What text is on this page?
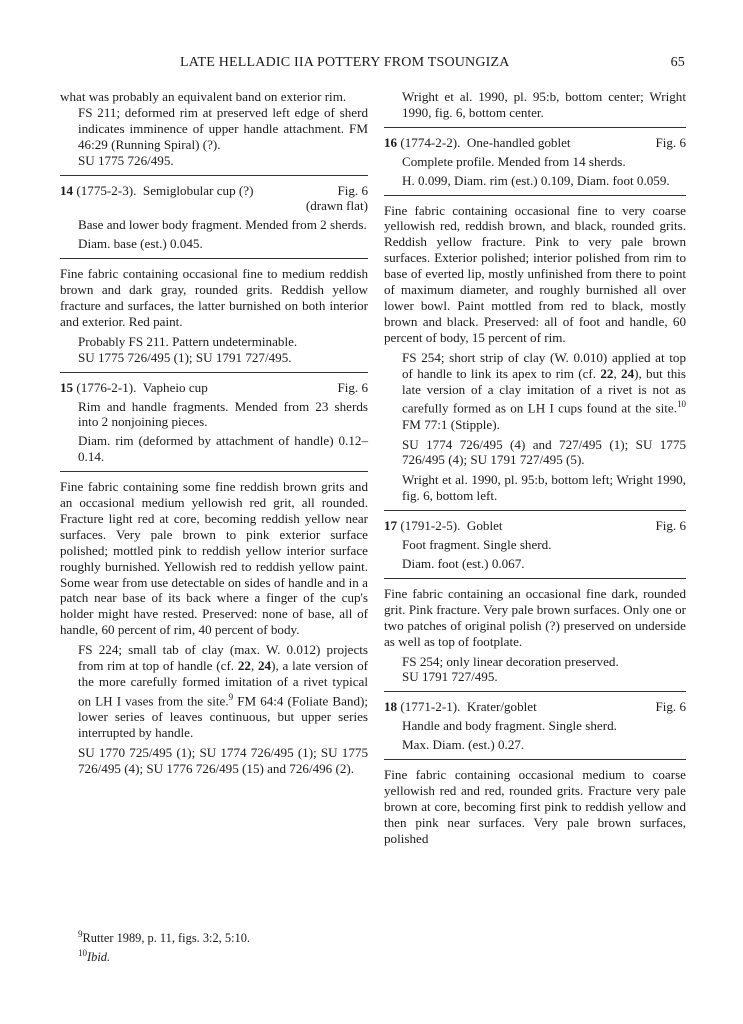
LATE HELLADIC IIA POTTERY FROM TSOUNGIZA	65

what was probably an equivalent band on exterior rim.

FS 211; deformed rim at preserved left edge of sherd indicates imminence of upper handle attachment. FM 46:29 (Running Spiral) (?).

SU 1775 726/495.

14 (1775-2-3). Semiglobular cup (?)	Fig. 6
(drawn flat)

Base and lower body fragment. Mended from 2 sherds.

Diam. base (est.) 0.045.

Fine fabric containing occasional fine to medium reddish brown and dark gray, rounded grits. Reddish yellow fracture and surfaces, the latter burnished on both interior and exterior. Red paint.

Probably FS 211. Pattern undeterminable.

SU 1775 726/495 (1); SU 1791 727/495.

15 (1776-2-1). Vapheio cup	Fig. 6

Rim and handle fragments. Mended from 23 sherds into 2 nonjoining pieces.

Diam. rim (deformed by attachment of handle) 0.12–0.14.

Fine fabric containing some fine reddish brown grits and an occasional medium yellowish red grit, all rounded. Fracture light red at core, becoming reddish yellow near surfaces. Very pale brown to pink exterior surface polished; mottled pink to reddish yellow interior surface roughly burnished. Yellowish red to reddish yellow paint. Some wear from use detectable on sides of handle and in a patch near base of its back where a finger of the cup's holder might have rested. Preserved: none of base, all of handle, 60 percent of rim, 40 percent of body.

FS 224; small tab of clay (max. W. 0.012) projects from rim at top of handle (cf. 22, 24), a late version of the more carefully formed imitation of a rivet typical on LH I vases from the site.$^9$ FM 64:4 (Foliate Band); lower series of leaves continuous, but upper series interrupted by handle.

SU 1770 725/495 (1); SU 1774 726/495 (1); SU 1775 726/495 (4); SU 1776 726/495 (15) and 726/496 (2).

Wright et al. 1990, pl. 95:b, bottom center; Wright 1990, fig. 6, bottom center.

16 (1774-2-2). One-handled goblet	Fig. 6

Complete profile. Mended from 14 sherds.

H. 0.099, Diam. rim (est.) 0.109, Diam. foot 0.059.

Fine fabric containing occasional fine to very coarse yellowish red, reddish brown, and black, rounded grits. Reddish yellow fracture. Pink to very pale brown surfaces. Exterior polished; interior polished from rim to base of everted lip, mostly unfinished from there to point of maximum diameter, and roughly burnished all over lower bowl. Paint mottled from red to black, mostly brown and black. Preserved: all of foot and handle, 60 percent of body, 15 percent of rim.

FS 254; short strip of clay (W. 0.010) applied at top of handle to link its apex to rim (cf. 22, 24), but this late version of a clay imitation of a rivet is not as carefully formed as on LH I cups found at the site.$^{10}$ FM 77:1 (Stipple).

SU 1774 726/495 (4) and 727/495 (1); SU 1775 726/495 (4); SU 1791 727/495 (5).

Wright et al. 1990, pl. 95:b, bottom left; Wright 1990, fig. 6, bottom left.

17 (1791-2-5). Goblet	Fig. 6

Foot fragment. Single sherd.

Diam. foot (est.) 0.067.

Fine fabric containing an occasional fine dark, rounded grit. Pink fracture. Very pale brown surfaces. Only one or two patches of original polish (?) preserved on underside as well as top of footplate.

FS 254; only linear decoration preserved.

SU 1791 727/495.

18 (1771-2-1). Krater/goblet	Fig. 6

Handle and body fragment. Single sherd.

Max. Diam. (est.) 0.27.

Fine fabric containing occasional medium to coarse yellowish red and red, rounded grits. Fracture very pale brown at core, becoming first pink to reddish yellow and then pink near surfaces. Very pale brown surfaces, polished

$^9$Rutter 1989, p. 11, figs. 3:2, 5:10.
$^{10}$Ibid.
